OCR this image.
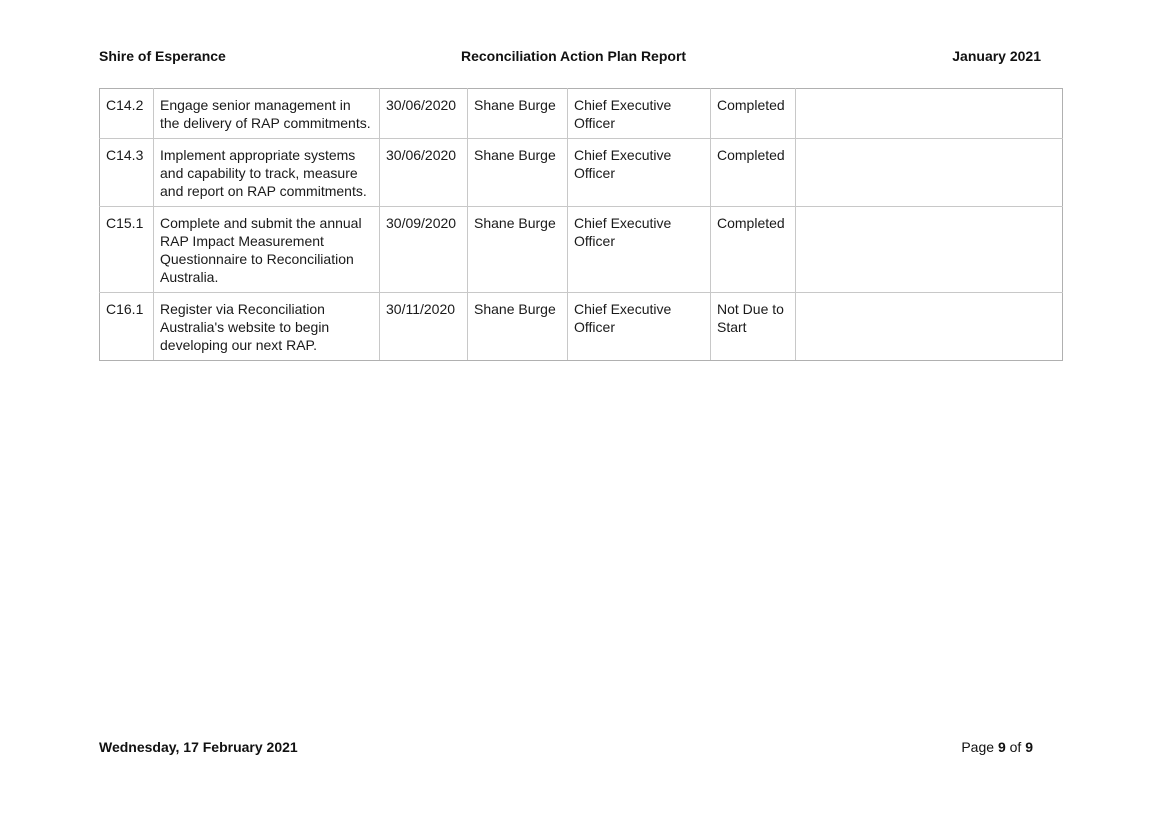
Shire of Esperance	Reconciliation Action Plan Report	January 2021
C14.2	Engage senior management in the delivery of RAP commitments.	30/06/2020	Shane Burge	Chief Executive Officer	Completed	
C14.3	Implement appropriate systems and capability to track, measure and report on RAP commitments.	30/06/2020	Shane Burge	Chief Executive Officer	Completed	
C15.1	Complete and submit the annual RAP Impact Measurement Questionnaire to Reconciliation Australia.	30/09/2020	Shane Burge	Chief Executive Officer	Completed	
C16.1	Register via Reconciliation Australia's website to begin developing our next RAP.	30/11/2020	Shane Burge	Chief Executive Officer	Not Due to Start	
Wednesday, 17 February 2021	Page 9 of 9
